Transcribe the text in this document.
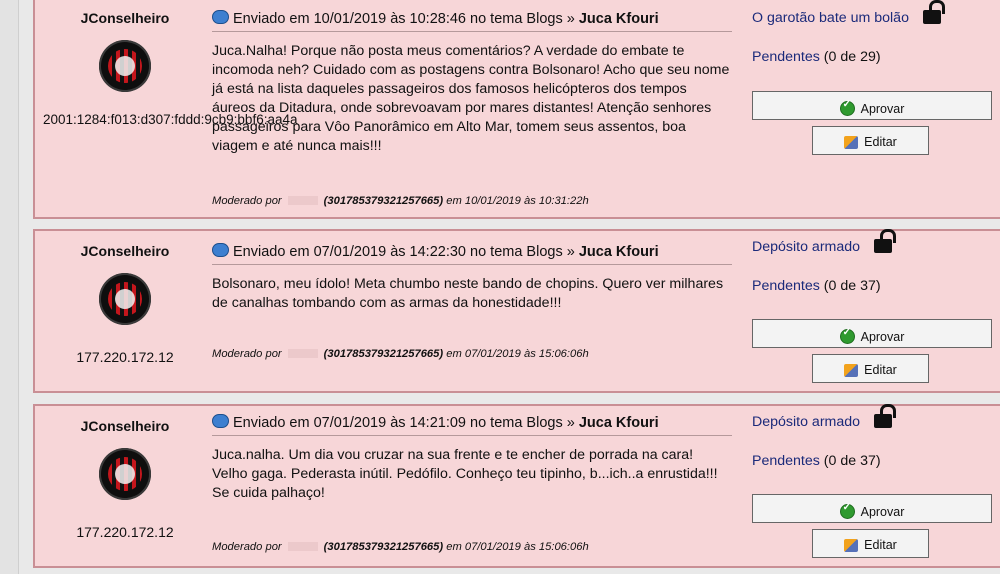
JConselheiro
2001:1284:f013:d307:fddd:9cb9:bbf6:aa4a
Enviado em 10/01/2019 às 10:28:46 no tema Blogs » Juca Kfouri
Juca.Nalha! Porque não posta meus comentários? A verdade do embate te incomoda neh? Cuidado com as postagens contra Bolsonaro! Acho que seu nome já está na lista daqueles passageiros dos famosos helicópteros dos tempos áureos da Ditadura, onde sobrevoavam por mares distantes! Atenção senhores passageiros para Vôo Panorâmico em Alto Mar, tomem seus assentos, boa viagem e até nunca mais!!!
Moderado por	(301785379321257665) em 10/01/2019 às 10:31:22h
O garotão bate um bolão
Pendentes (0 de 29)
✓Aprovar
Editar
JConselheiro
177.220.172.12
Enviado em 07/01/2019 às 14:22:30 no tema Blogs » Juca Kfouri
Bolsonaro, meu ídolo! Meta chumbo neste bando de chopins. Quero ver milhares de canalhas tombando com as armas da honestidade!!!
Moderado por	(301785379321257665) em 07/01/2019 às 15:06:06h
Depósito armado
Pendentes (0 de 37)
✓Aprovar
Editar
JConselheiro
177.220.172.12
Enviado em 07/01/2019 às 14:21:09 no tema Blogs » Juca Kfouri
Juca.nalha. Um dia vou cruzar na sua frente e te encher de porrada na cara! Velho gaga. Pederasta inútil. Pedófilo. Conheço teu tipinho, b...ich..a enrustida!!! Se cuida palhaço!
Moderado por	(301785379321257665) em 07/01/2019 às 15:06:06h
Depósito armado
Pendentes (0 de 37)
✓Aprovar
Editar
